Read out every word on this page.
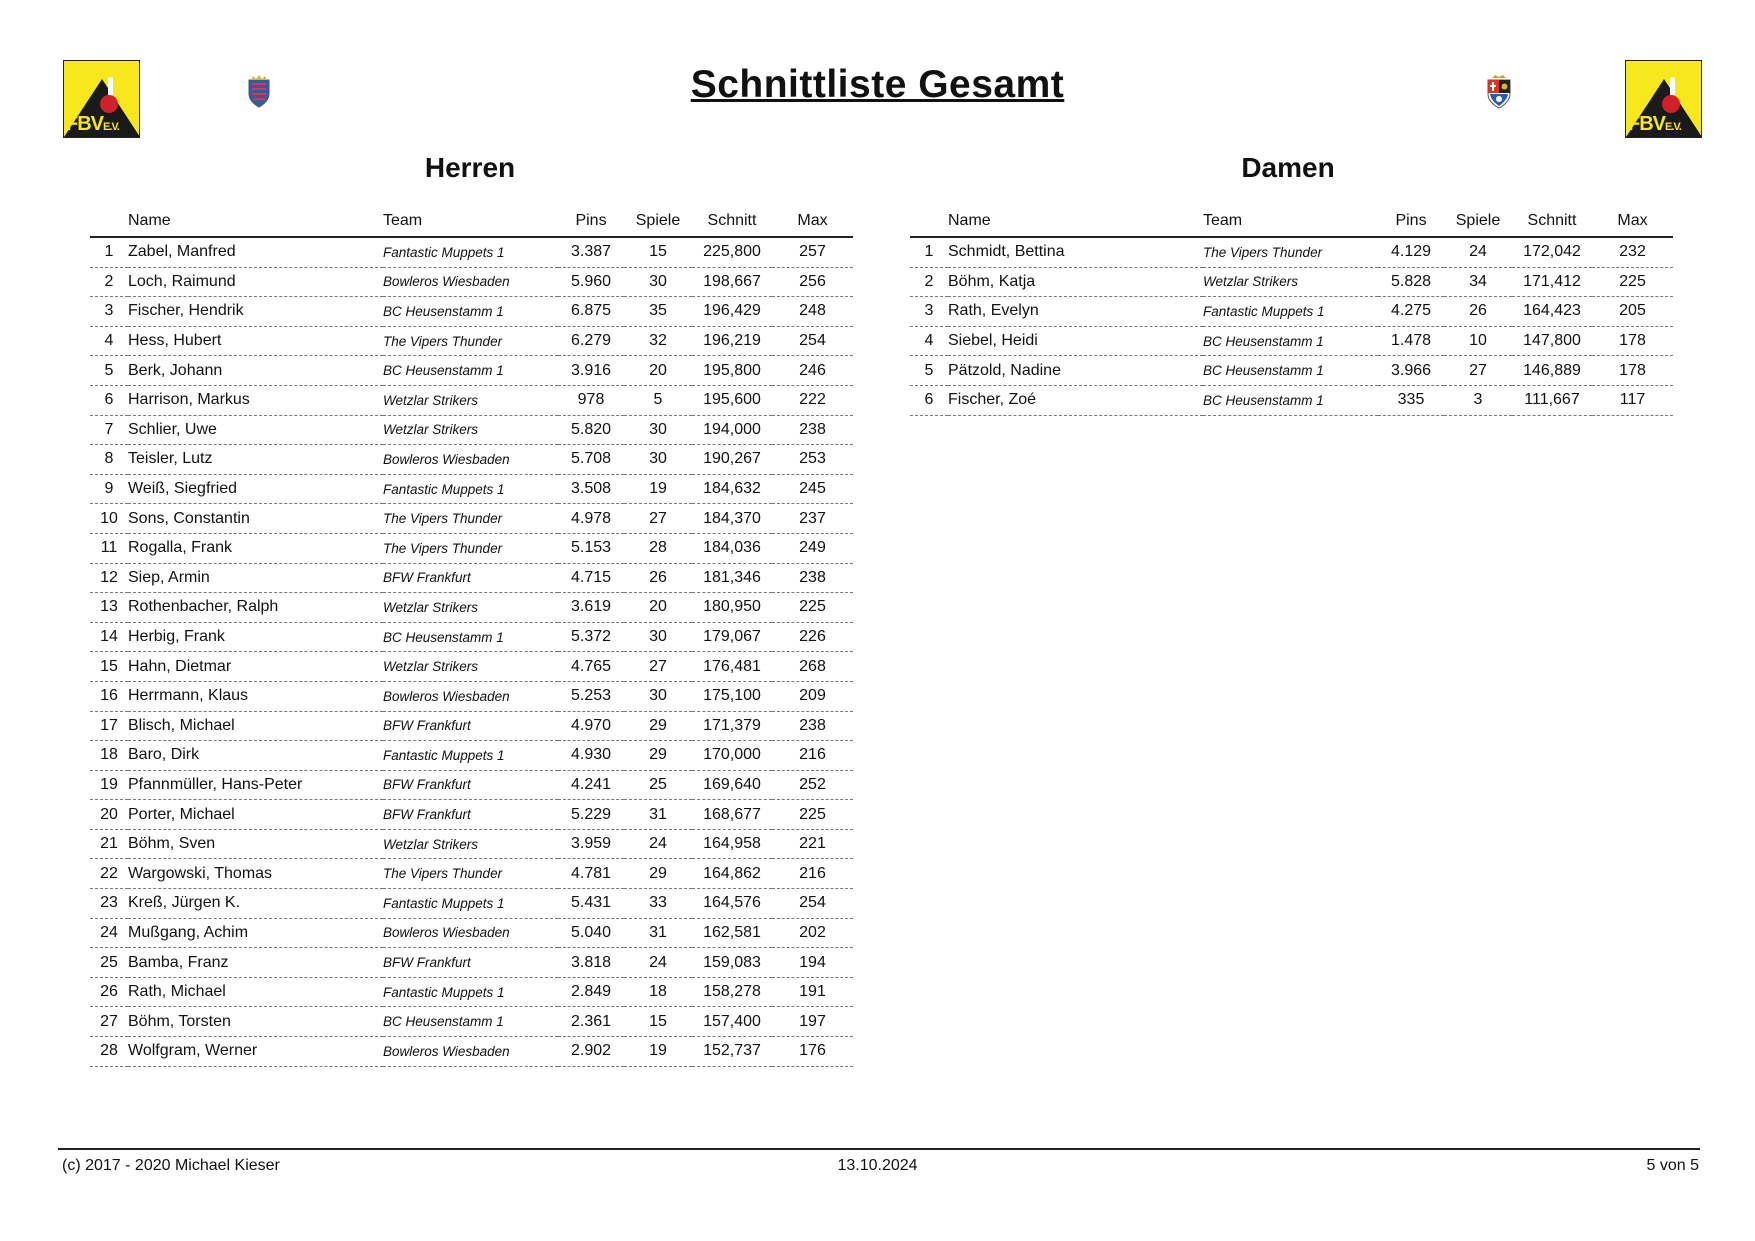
FBVE.V.
Schnittliste Gesamt
FBVE.V.
Herren	Damen
	Name	Team	Pins	Spiele	Schnitt	Max
1	Zabel, Manfred	Fantastic Muppets 1	3.387	15	225,800	257
2	Loch, Raimund	Bowleros Wiesbaden	5.960	30	198,667	256
3	Fischer, Hendrik	BC Heusenstamm 1	6.875	35	196,429	248
4	Hess, Hubert	The Vipers Thunder	6.279	32	196,219	254
5	Berk, Johann	BC Heusenstamm 1	3.916	20	195,800	246
6	Harrison, Markus	Wetzlar Strikers	978	5	195,600	222
7	Schlier, Uwe	Wetzlar Strikers	5.820	30	194,000	238
8	Teisler, Lutz	Bowleros Wiesbaden	5.708	30	190,267	253
9	Weiß, Siegfried	Fantastic Muppets 1	3.508	19	184,632	245
10	Sons, Constantin	The Vipers Thunder	4.978	27	184,370	237
11	Rogalla, Frank	The Vipers Thunder	5.153	28	184,036	249
12	Siep, Armin	BFW Frankfurt	4.715	26	181,346	238
13	Rothenbacher, Ralph	Wetzlar Strikers	3.619	20	180,950	225
14	Herbig, Frank	BC Heusenstamm 1	5.372	30	179,067	226
15	Hahn, Dietmar	Wetzlar Strikers	4.765	27	176,481	268
16	Herrmann, Klaus	Bowleros Wiesbaden	5.253	30	175,100	209
17	Blisch, Michael	BFW Frankfurt	4.970	29	171,379	238
18	Baro, Dirk	Fantastic Muppets 1	4.930	29	170,000	216
19	Pfannmüller, Hans-Peter	BFW Frankfurt	4.241	25	169,640	252
20	Porter, Michael	BFW Frankfurt	5.229	31	168,677	225
21	Böhm, Sven	Wetzlar Strikers	3.959	24	164,958	221
22	Wargowski, Thomas	The Vipers Thunder	4.781	29	164,862	216
23	Kreß, Jürgen K.	Fantastic Muppets 1	5.431	33	164,576	254
24	Mußgang, Achim	Bowleros Wiesbaden	5.040	31	162,581	202
25	Bamba, Franz	BFW Frankfurt	3.818	24	159,083	194
26	Rath, Michael	Fantastic Muppets 1	2.849	18	158,278	191
27	Böhm, Torsten	BC Heusenstamm 1	2.361	15	157,400	197
28	Wolfgram, Werner	Bowleros Wiesbaden	2.902	19	152,737	176
	Name	Team	Pins	Spiele	Schnitt	Max
1	Schmidt, Bettina	The Vipers Thunder	4.129	24	172,042	232
2	Böhm, Katja	Wetzlar Strikers	5.828	34	171,412	225
3	Rath, Evelyn	Fantastic Muppets 1	4.275	26	164,423	205
4	Siebel, Heidi	BC Heusenstamm 1	1.478	10	147,800	178
5	Pätzold, Nadine	BC Heusenstamm 1	3.966	27	146,889	178
6	Fischer, Zoé	BC Heusenstamm 1	335	3	111,667	117
(c) 2017 - 2020 Michael Kieser	13.10.2024	5 von 5
